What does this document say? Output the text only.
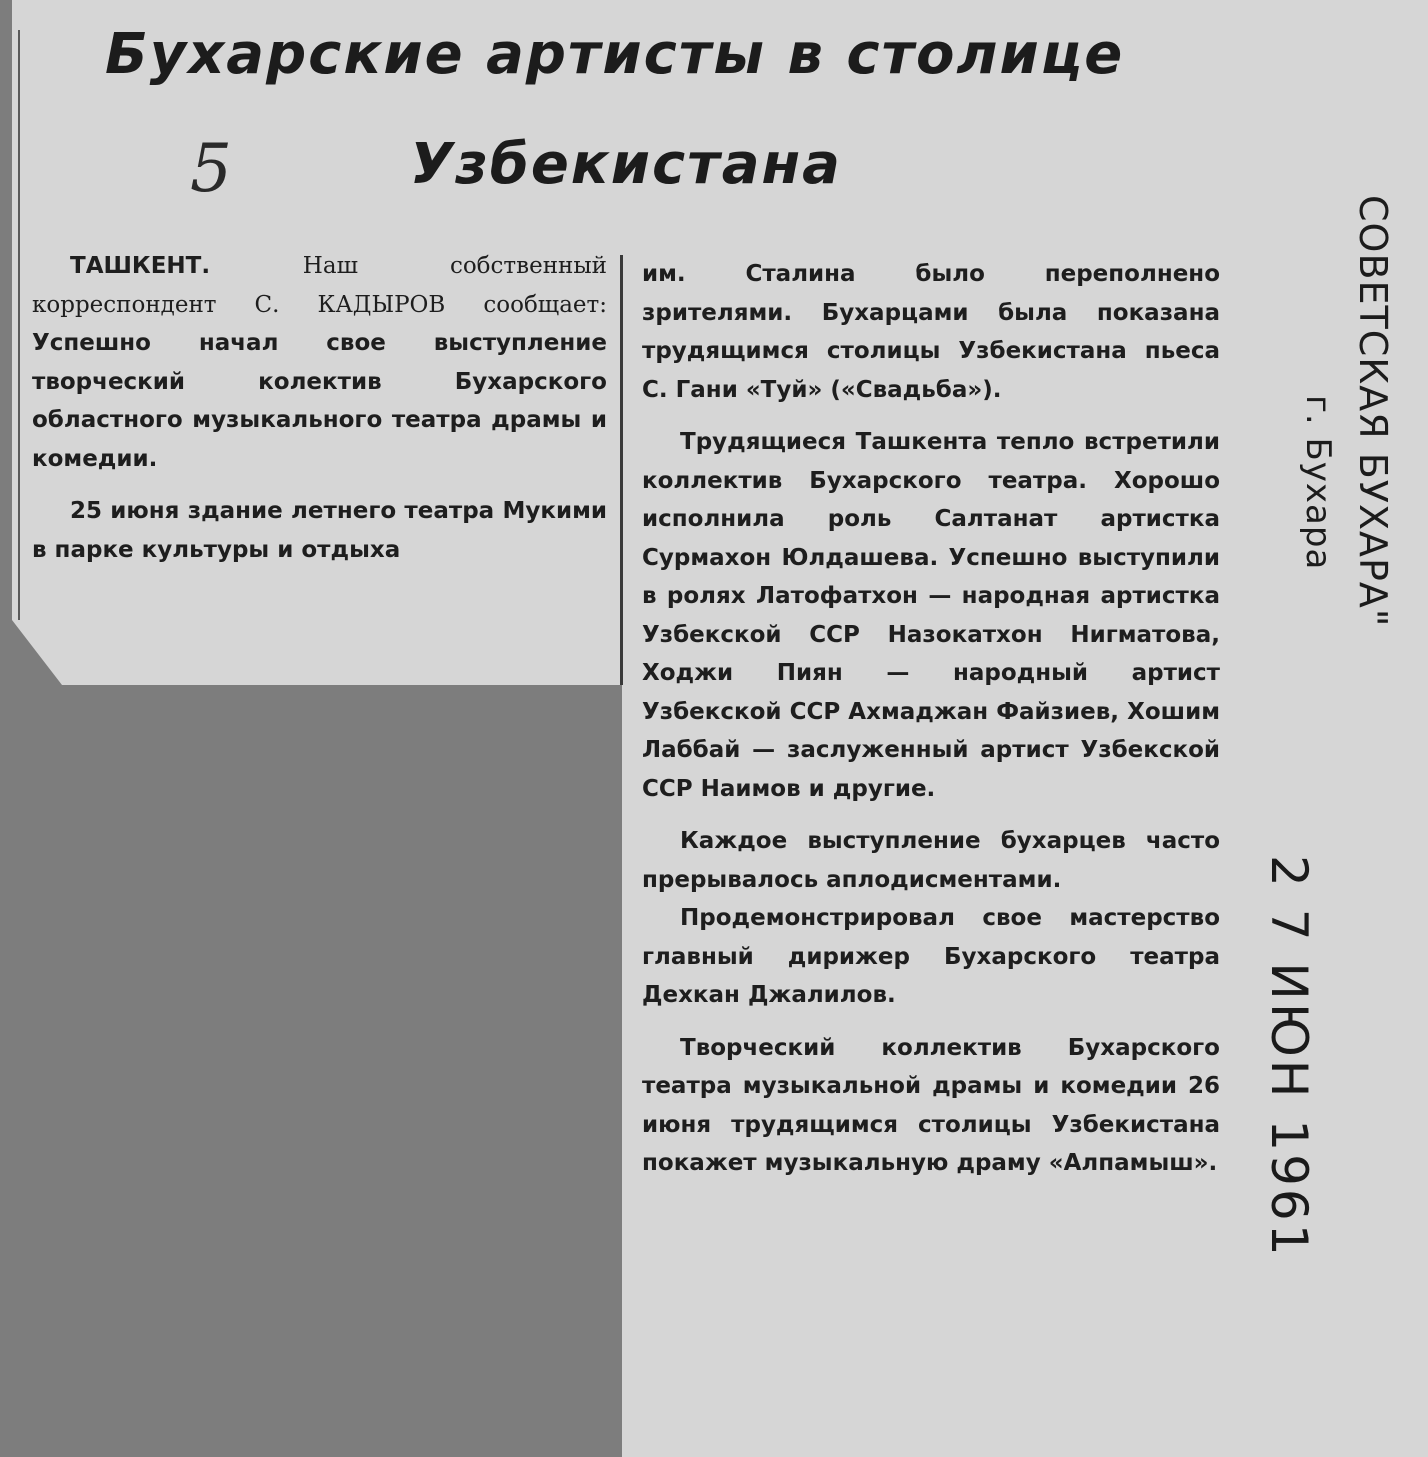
Бухарские артисты в столице
5	Узбекистана

ТАШКЕНТ.	Наш собственный корреспондент С. КАДЫРОВ сообщает: Успешно начал свое выступление творческий колектив Бухарского областного музыкального театра драмы и комедии.

25 июня здание летнего театра Мукими в парке культуры и отдыха

им. Сталина было переполнено зрителями. Бухарцами была показана трудящимся столицы Узбекистана пьеса С. Гани «Туй» («Свадьба»).

Трудящиеся Ташкента тепло встретили коллектив Бухарского театра. Хорошо исполнила роль Салтанат артистка Сурмахон Юлдашева. Успешно выступили в ролях Латофатхон — народная артистка Узбекской ССР Назокатхон Нигматова, Ходжи Пиян — народный артист Узбекской ССР Ахмаджан Файзиев, Хошим Лаббай — заслуженный артист Узбекской ССР Наимов и другие.

Каждое выступление бухарцев часто прерывалось аплодисментами.

Продемонстрировал свое мастерство главный дирижер Бухарского театра Дехкан Джалилов.

Творческий коллектив Бухарского театра музыкальной драмы и комедии 26 июня трудящимся столицы Узбекистана покажет музыкальную драму «Алпамыш».

СОВЕТСКАЯ БУХАРА"
г. Бухара
2 7 ИЮН 1961
